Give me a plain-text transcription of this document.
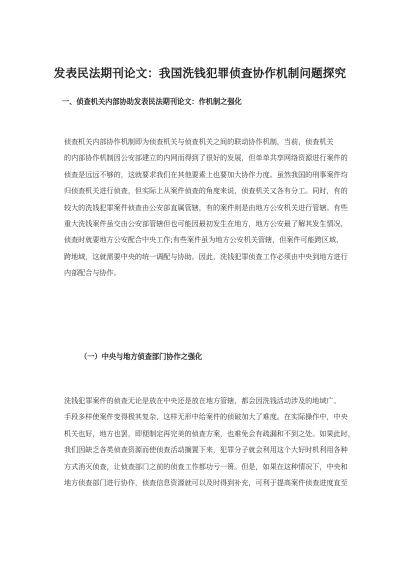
发表民法期刊论文：我国洗钱犯罪侦查协作机制问题探究
一、侦查机关内部协助发表民法期刊论文：作机制之强化
侦查机关内部协作机制即为侦查机关与侦查机关之间的联动协作机制，当前，侦查机关
的内部协作机制因公安部建立的内网而得到了很好的发展，但单单共享网络资源进行案件的
侦查是远远不够的，这就要求我们在其他要素上也要加大协作力度。虽然我国的刑事案件均
归侦查机关进行侦查，但实际上从案件侦查的角度来说，侦查机关又各有分工。同时，有的
较大的洗钱犯罪案件侦查由公安部直属管辖，有的案件则是由地方公安机关进行管辖。有些
重大洗钱案件虽交由公安部管辖但也可能因最初发生在地方，地方公安最了解其发生情况，
侦查时就要地方公安配合中央工作;有些案件虽为地方公安机关管辖，但案件可能跨区域、
跨地域，这就需要中央的统一调配与协助。因此，洗钱犯罪侦查工作必须由中央到地方进行
内部配合与协作。
（一）中央与地方侦查部门协作之强化
洗钱犯罪案件的侦查无论是放在中央还是放在地方管辖，都会因洗钱活动涉及的地域广、
手段多样使案件变得极其复杂，这样无形中给案件的侦破加大了难度。在实际操作中，中央
机关也好，地方也罢，即便制定再完美的侦查方案，也难免会有疏漏和不到之处。如果此时，
我们因缺乏各类侦查资源而使侦查活动搁置下来，犯罪分子就会利用这个大好时机利用各种
方式消灭侦查，让侦查部门之前的侦查工作都功亏一篑。但是，如果在这种情况下，中央和
地方侦查部门进行协作，侦查信息资源就可以及时得到补充，可利于提高案件侦查进度直至
